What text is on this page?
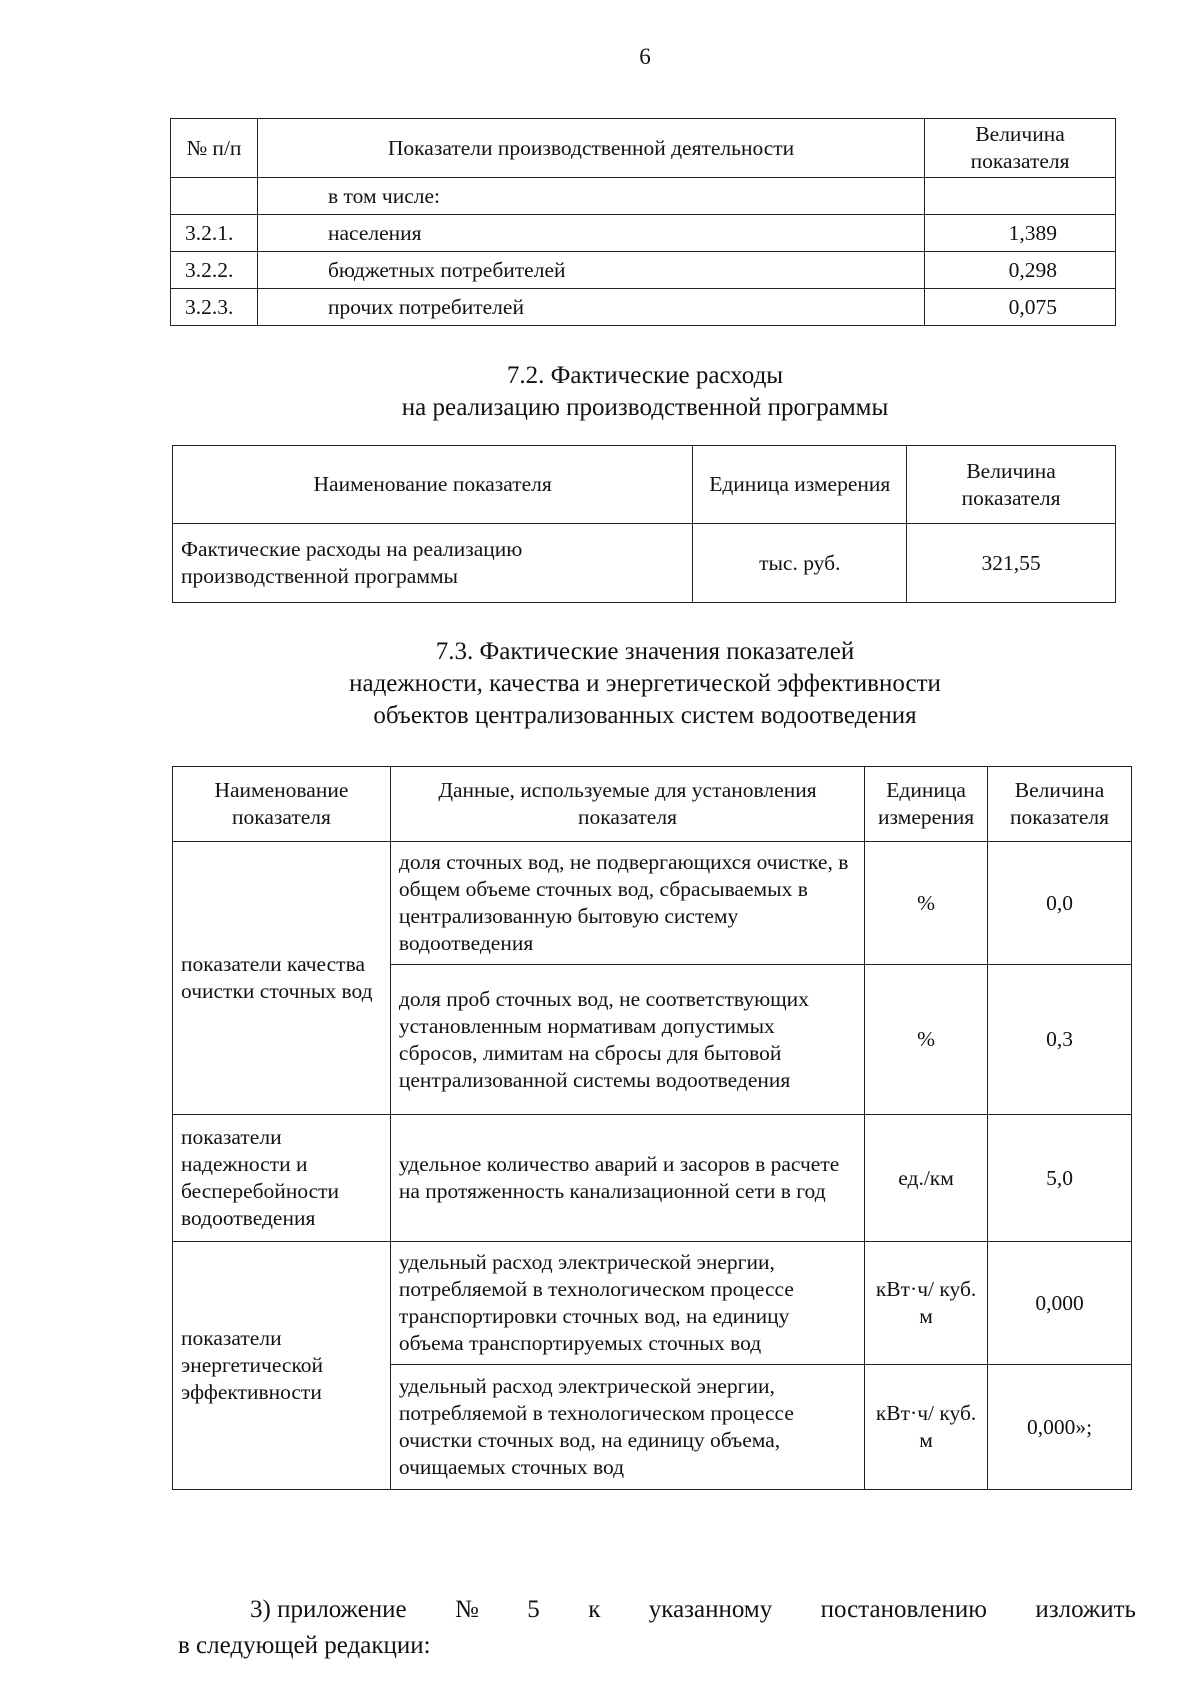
6
№ п/п	Показатели производственной деятельности	Величина показателя
	в том числе:	
3.2.1.	населения	1,389
3.2.2.	бюджетных потребителей	0,298
3.2.3.	прочих потребителей	0,075
7.2. Фактические расходы
на реализацию производственной программы
Наименование показателя	Единица измерения	Величина показателя
Фактические расходы на реализацию производственной программы	тыс. руб.	321,55
7.3. Фактические значения показателей
надежности, качества и энергетической эффективности
объектов централизованных систем водоотведения
Наименование показателя	Данные, используемые для установления показателя	Единица измерения	Величина показателя
показатели качества очистки сточных вод	доля сточных вод, не подвергающихся очистке, в общем объеме сточных вод, сбрасываемых в централизованную бытовую систему водоотведения	%	0,0
	доля проб сточных вод, не соответствующих установленным нормативам допустимых сбросов, лимитам на сбросы для бытовой централизованной системы водоотведения	%	0,3
показатели надежности и бесперебойности водоотведения	удельное количество аварий и засоров в расчете на протяженность канализационной сети в год	ед./км	5,0
показатели энергетической эффективности	удельный расход электрической энергии, потребляемой в технологическом процессе транспортировки сточных вод, на единицу объема транспортируемых сточных вод	кВт·ч/ куб. м	0,000
	удельный расход электрической энергии, потребляемой в технологическом процессе очистки сточных вод, на единицу объема, очищаемых сточных вод	кВт·ч/ куб. м	0,000»;
3) приложение № 5 к указанному постановлению изложить
в следующей редакции:
